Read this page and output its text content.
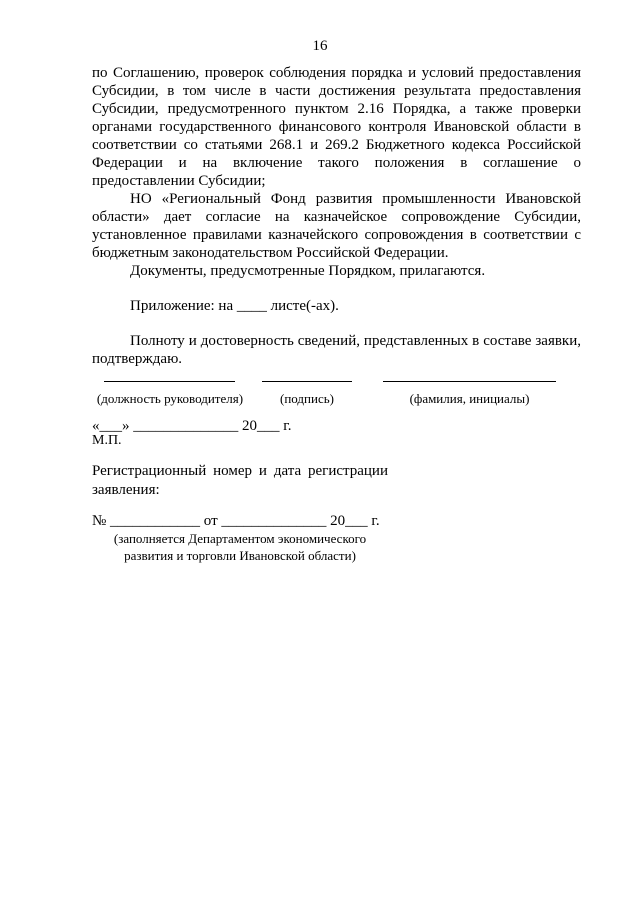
16

по Соглашению, проверок соблюдения порядка и условий предоставления Субсидии, в том числе в части достижения результата предоставления Субсидии, предусмотренного пунктом 2.16 Порядка, а также проверки органами государственного финансового контроля Ивановской области в соответствии со статьями 268.1 и 269.2 Бюджетного кодекса Российской Федерации и на включение такого положения в соглашение о предоставлении Субсидии;

НО «Региональный Фонд развития промышленности Ивановской области» дает согласие на казначейское сопровождение Субсидии, установленное правилами казначейского сопровождения в соответствии с бюджетным законодательством Российской Федерации.

Документы, предусмотренные Порядком, прилагаются.

Приложение: на ____ листе(-ах).

Полноту и достоверность сведений, представленных в составе заявки, подтверждаю.

(должность руководителя)	(подпись)	(фамилия, инициалы)
«___» ______________ 20___ г.
М.П.
Регистрационный номер и дата регистрации заявления:
№ ____________ от ______________ 20___ г.
(заполняется Департаментом экономического развития и торговли Ивановской области)
